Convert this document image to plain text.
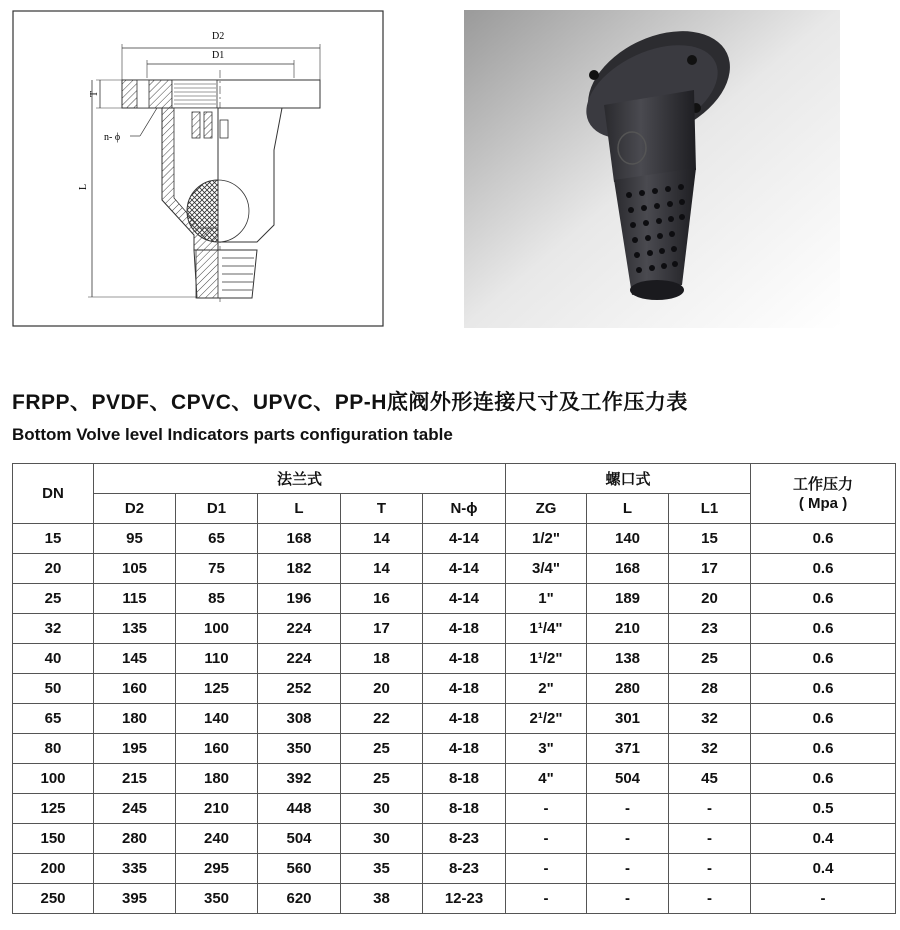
D2
D1
T
L
n- ϕ
FRPP、PVDF、CPVC、UPVC、PP-H底阀外形连接尺寸及工作压力表
Bottom Volve level Indicators parts configuration table
DN	法兰式					螺口式			工作压力
( Mpa )

	D2	D1	L	T	N-ϕ	ZG	L	L1	
15	95	65	168	14	4-14	1/2"	140	15	0.6
20	105	75	182	14	4-14	3/4"	168	17	0.6
25	115	85	196	16	4-14	1"	189	20	0.6
32	135	100	224	17	4-18	1¹/4"	210	23	0.6
40	145	110	224	18	4-18	1¹/2"	138	25	0.6
50	160	125	252	20	4-18	2"	280	28	0.6
65	180	140	308	22	4-18	2¹/2"	301	32	0.6
80	195	160	350	25	4-18	3"	371	32	0.6
100	215	180	392	25	8-18	4"	504	45	0.6
125	245	210	448	30	8-18	-	-	-	0.5
150	280	240	504	30	8-23	-	-	-	0.4
200	335	295	560	35	8-23	-	-	-	0.4
250	395	350	620	38	12-23	-	-	-	-
